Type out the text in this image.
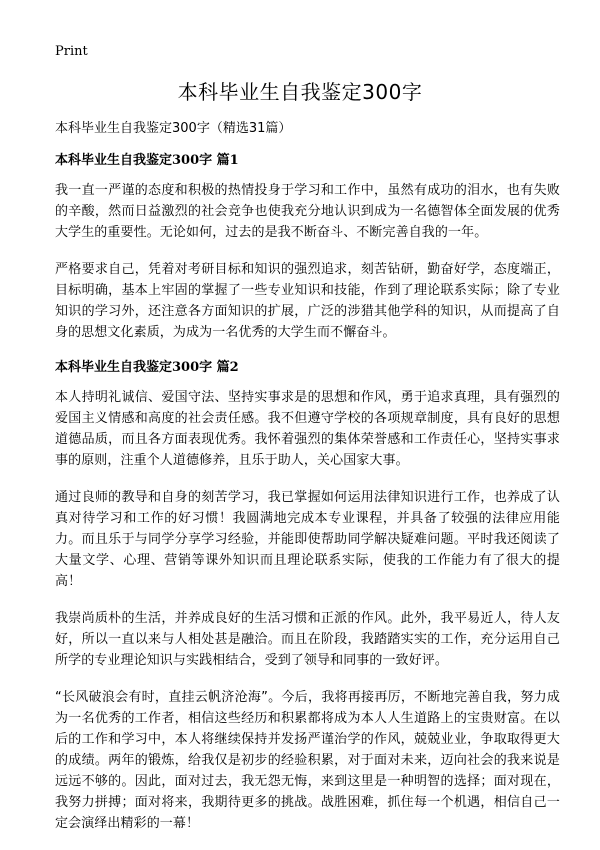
Print
本科毕业生自我鉴定300字

本科毕业生自我鉴定300字（精选31篇）

本科毕业生自我鉴定300字 篇1

我一直一严谨的态度和积极的热情投身于学习和工作中，虽然有成功的泪水，也有失败的辛酸，然而日益激烈的社会竞争也使我充分地认识到成为一名德智体全面发展的优秀大学生的重要性。无论如何，过去的是我不断奋斗、不断完善自我的一年。

严格要求自己，凭着对考研目标和知识的强烈追求，刻苦钻研，勤奋好学，态度端正，目标明确，基本上牢固的掌握了一些专业知识和技能，作到了理论联系实际；除了专业知识的学习外，还注意各方面知识的扩展，广泛的涉猎其他学科的知识，从而提高了自身的思想文化素质，为成为一名优秀的大学生而不懈奋斗。

本科毕业生自我鉴定300字 篇2

本人持明礼诚信、爱国守法、坚持实事求是的思想和作风，勇于追求真理，具有强烈的爱国主义情感和高度的社会责任感。我不但遵守学校的各项规章制度，具有良好的思想道德品质，而且各方面表现优秀。我怀着强烈的集体荣誉感和工作责任心，坚持实事求事的原则，注重个人道德修养，且乐于助人，关心国家大事。

通过良师的教导和自身的刻苦学习，我已掌握如何运用法律知识进行工作，也养成了认真对待学习和工作的好习惯！我圆满地完成本专业课程，并具备了较强的法律应用能力。而且乐于与同学分享学习经验，并能即使帮助同学解决疑难问题。平时我还阅读了大量文学、心理、营销等课外知识而且理论联系实际，使我的工作能力有了很大的提高！

我崇尚质朴的生活，并养成良好的生活习惯和正派的作风。此外，我平易近人，待人友好，所以一直以来与人相处甚是融洽。而且在阶段，我踏踏实实的工作，充分运用自己所学的专业理论知识与实践相结合，受到了领导和同事的一致好评。

“长风破浪会有时，直挂云帆济沧海”。今后，我将再接再厉，不断地完善自我，努力成为一名优秀的工作者，相信这些经历和积累都将成为本人人生道路上的宝贵财富。在以后的工作和学习中，本人将继续保持并发扬严谨治学的作风，兢兢业业，争取取得更大的成绩。两年的锻炼，给我仅是初步的经验积累，对于面对未来，迈向社会的我来说是远远不够的。因此，面对过去，我无怨无悔，来到这里是一种明智的选择；面对现在，我努力拼搏；面对将来，我期待更多的挑战。战胜困难，抓住每一个机遇，相信自己一定会演绎出精彩的一幕！
